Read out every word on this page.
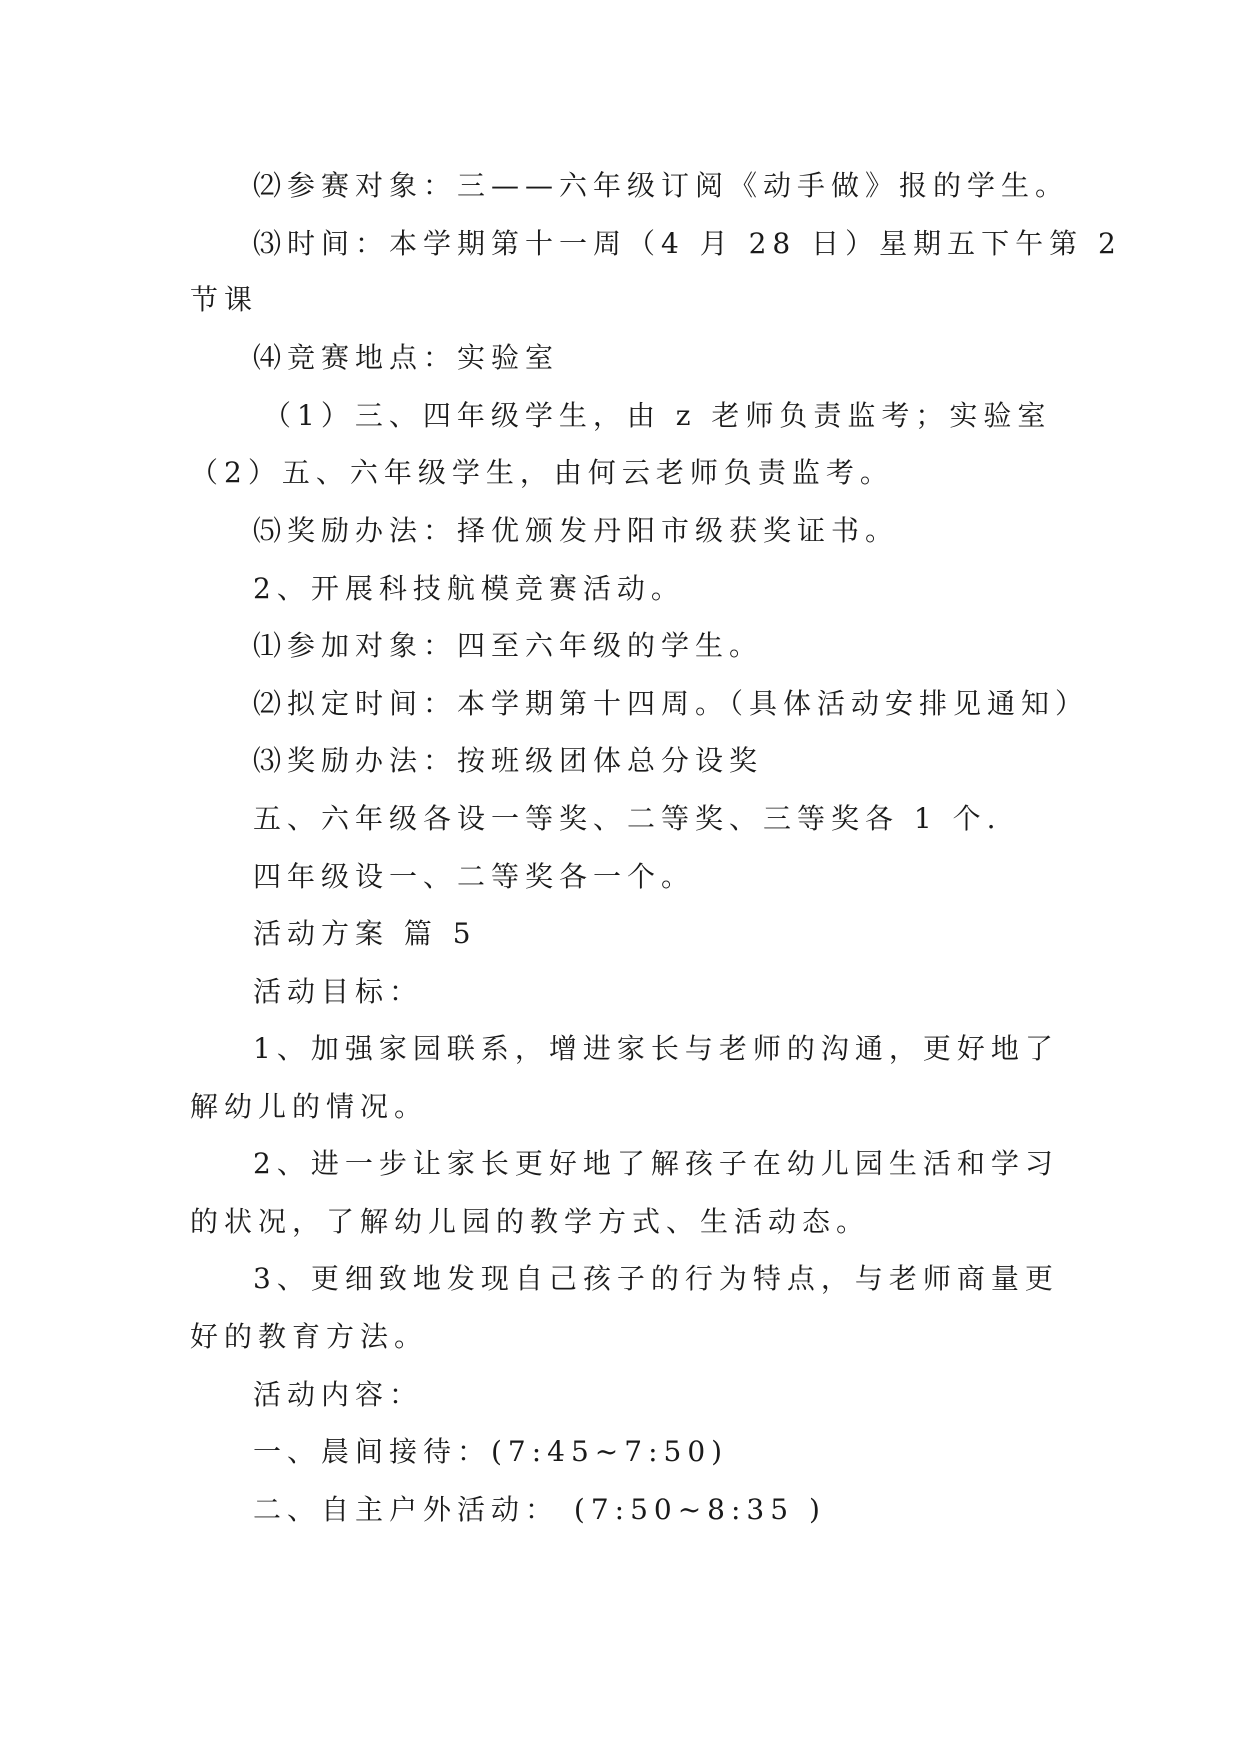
⑵参赛对象：三——六年级订阅《动手做》报的学生。
⑶时间：本学期第十一周（4 月 28 日）星期五下午第 2
节课
⑷竞赛地点：实验室
（1）三、四年级学生，由 z 老师负责监考；实验室
（2）五、六年级学生，由何云老师负责监考。
⑸奖励办法：择优颁发丹阳市级获奖证书。
2、开展科技航模竞赛活动。
⑴参加对象：四至六年级的学生。
⑵拟定时间：本学期第十四周。（具体活动安排见通知）
⑶奖励办法：按班级团体总分设奖
五、六年级各设一等奖、二等奖、三等奖各 1 个.
四年级设一、二等奖各一个。
活动方案 篇 5
活动目标：
1、加强家园联系，增进家长与老师的沟通，更好地了
解幼儿的情况。
2、进一步让家长更好地了解孩子在幼儿园生活和学习
的状况，了解幼儿园的教学方式、生活动态。
3、更细致地发现自己孩子的行为特点，与老师商量更
好的教育方法。
活动内容：
一、晨间接待：(7:45~7:50)
二、自主户外活动： (7:50~8:35 )
